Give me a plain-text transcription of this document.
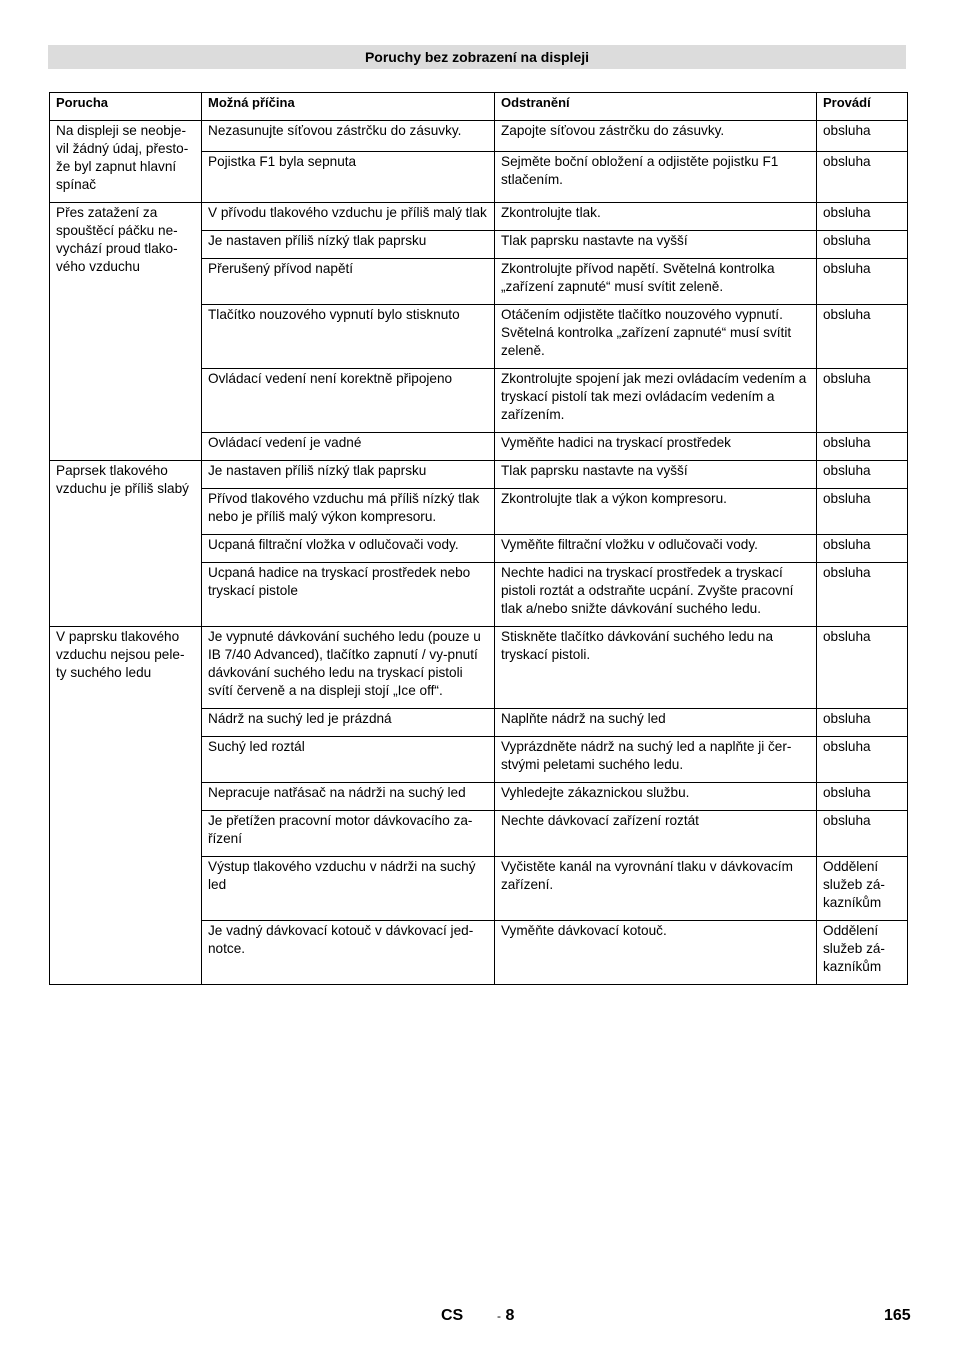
Poruchy bez zobrazení na displeji
Porucha	Možná příčina	Odstranění	Provádí
Na displeji se neobje-vil žádný údaj, přesto-že byl zapnut hlavní spínač	Nezasunujte síťovou zástrčku do zásuvky.	Zapojte síťovou zástrčku do zásuvky.	obsluha
	Pojistka F1 byla sepnuta	Sejměte boční obložení a odjistěte pojistku F1 stlačením.	obsluha
Přes zatažení za spouštěcí páčku ne-vychází proud tlako-vého vzduchu	V přívodu tlakového vzduchu je příliš malý tlak	Zkontrolujte tlak.	obsluha
	Je nastaven příliš nízký tlak paprsku	Tlak paprsku nastavte na vyšší	obsluha
	Přerušený přívod napětí	Zkontrolujte přívod napětí. Světelná kontrolka „zařízení zapnuté“ musí svítit zeleně.	obsluha
	Tlačítko nouzového vypnutí bylo stisknuto	Otáčením odjistěte tlačítko nouzového vypnutí. Světelná kontrolka „zařízení zapnuté“ musí svítit zeleně.	obsluha
	Ovládací vedení není korektně připojeno	Zkontrolujte spojení jak mezi ovládacím vedením a tryskací pistolí tak mezi ovládacím vedením a zařízením.	obsluha
	Ovládací vedení je vadné	Vyměňte hadici na tryskací prostředek	obsluha
Paprsek tlakového vzduchu je příliš slabý	Je nastaven příliš nízký tlak paprsku	Tlak paprsku nastavte na vyšší	obsluha
	Přívod tlakového vzduchu má příliš nízký tlak nebo je příliš malý výkon kompresoru.	Zkontrolujte tlak a výkon kompresoru.	obsluha
	Ucpaná filtrační vložka v odlučovači vody.	Vyměňte filtrační vložku v odlučovači vody.	obsluha
	Ucpaná hadice na tryskací prostředek nebo tryskací pistole	Nechte hadici na tryskací prostředek a tryskací pistoli roztát a odstraňte ucpání. Zvyšte pracovní tlak a/nebo snižte dávkování suchého ledu.	obsluha
V paprsku tlakového vzduchu nejsou pele-ty suchého ledu	Je vypnuté dávkování suchého ledu (pouze u IB 7/40 Advanced), tlačítko zapnutí / vy-pnutí dávkování suchého ledu na tryskací pistoli svítí červeně a na displeji stojí „Ice off“.	Stiskněte tlačítko dávkování suchého ledu na tryskací pistoli.	obsluha
	Nádrž na suchý led je prázdná	Naplňte nádrž na suchý led	obsluha
	Suchý led roztál	Vyprázdněte nádrž na suchý led a naplňte ji čer-stvými peletami suchého ledu.	obsluha
	Nepracuje natřásač na nádrži na suchý led	Vyhledejte zákaznickou službu.	obsluha
	Je přetížen pracovní motor dávkovacího za-řízení	Nechte dávkovací zařízení roztát	obsluha
	Výstup tlakového vzduchu v nádrži na suchý led	Vyčistěte kanál na vyrovnání tlaku v dávkovacím zařízení.	Oddělení služeb zá-kazníkům
	Je vadný dávkovací kotouč v dávkovací jed-notce.	Vyměňte dávkovací kotouč.	Oddělení služeb zá-kazníkům
CS	- 8	165
